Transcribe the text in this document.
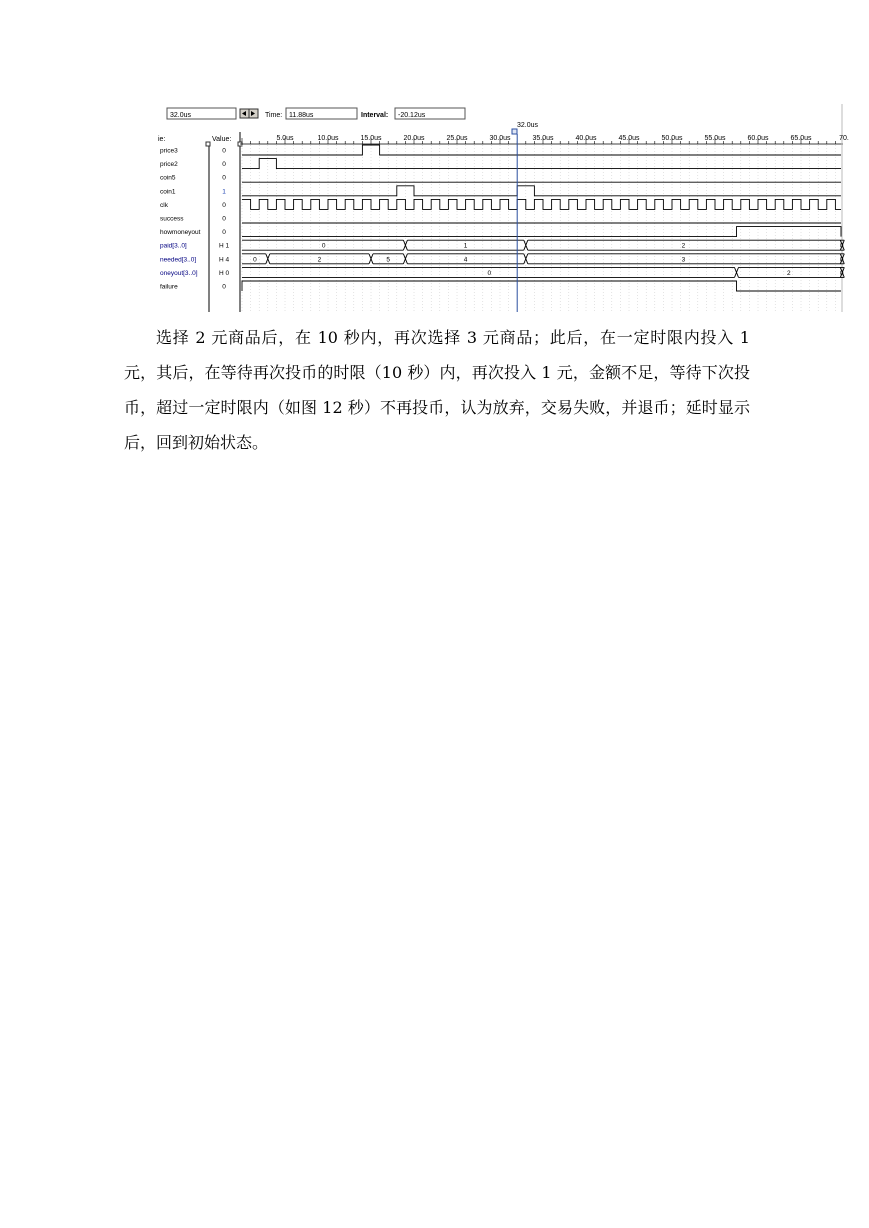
32.0us	Time: 11.88us	Interval: -20.12us
ie:	Value:
32.0us
5.0us	10.0us	15.0us	20.0us	25.0us	30.0us	35.0us	40.0us	45.0us	50.0us	55.0us	60.0us	65.0us	70.
price3	0
price2	0
coin5	0
coin1	1
clk	0
success	0
howmoneyout	0
paid[3..0]	H 1	0	1	2	0
needed[3..0]	H 4	0	2	5	4	3	0
oneyout[3..0]	H 0	0	2	0
failure	0

选择 2 元商品后，在 10 秒内，再次选择 3 元商品；此后，在一定时限内投入 1 元，其后，在等待再次投币的时限（10 秒）内，再次投入 1 元，金额不足，等待下次投币，超过一定时限内（如图 12 秒）不再投币，认为放弃，交易失败，并退币；延时显示后，回到初始状态。
